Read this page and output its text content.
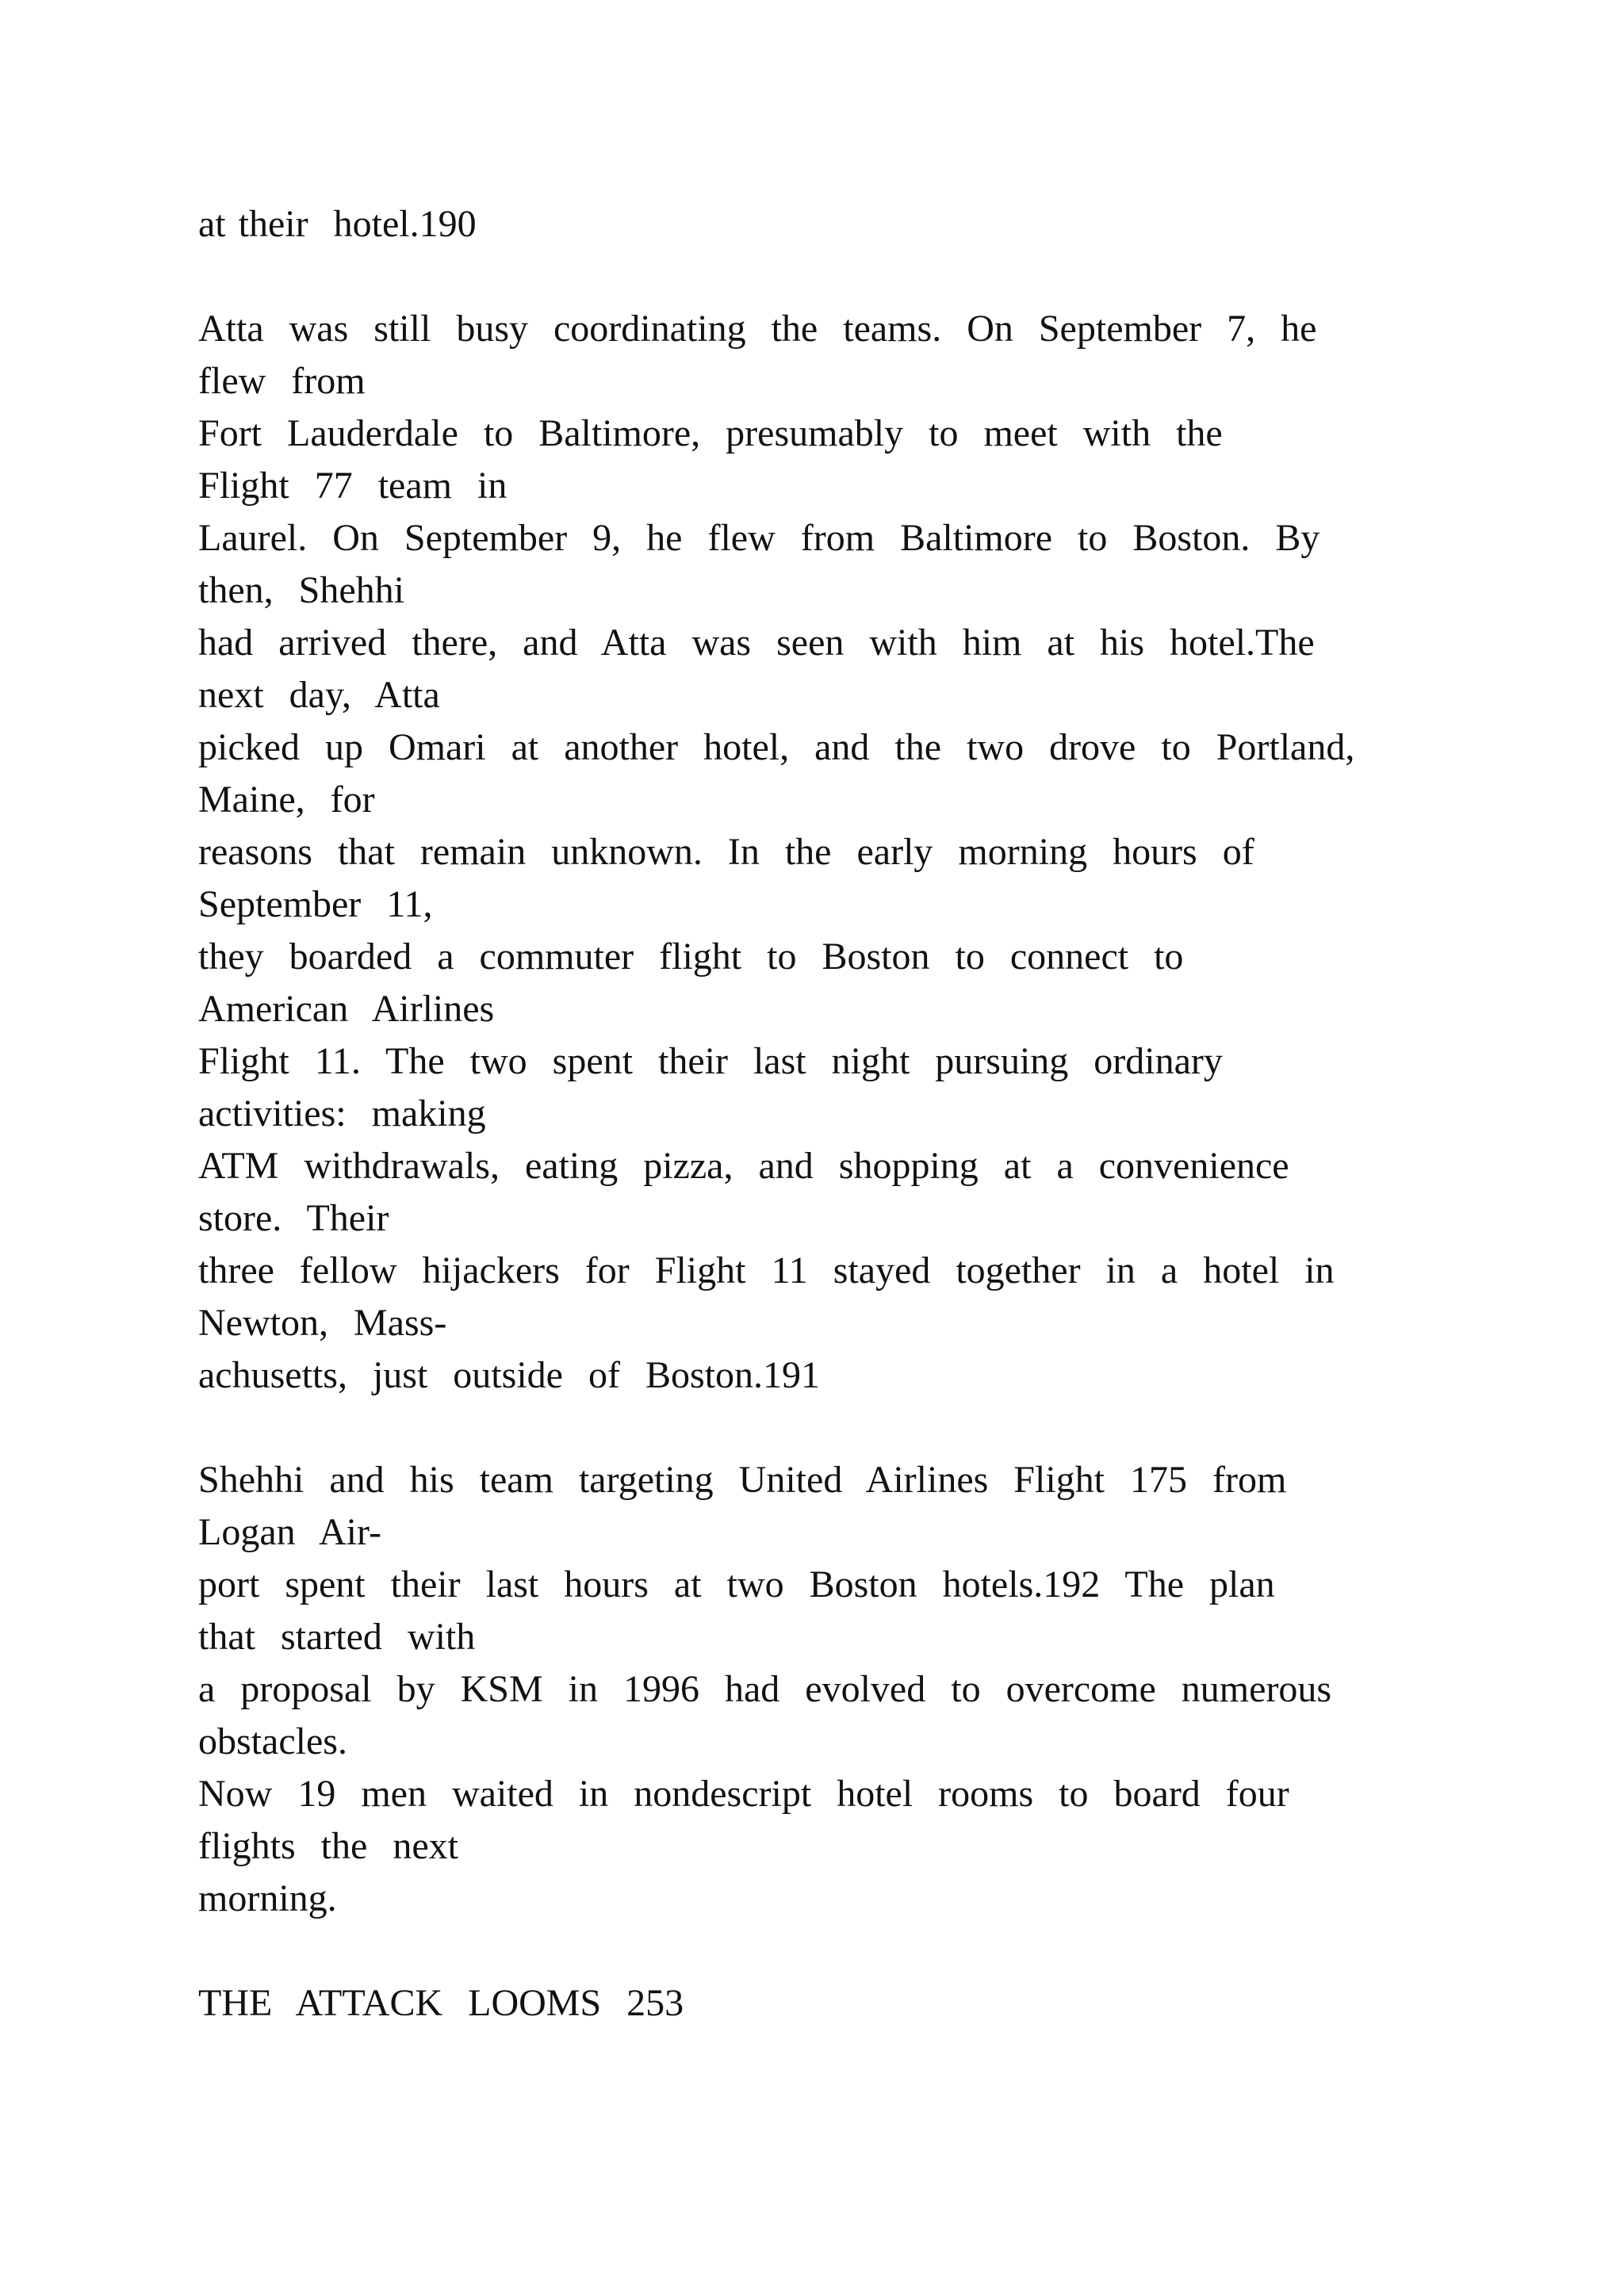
at their  hotel.190
Atta  was  still  busy  coordinating  the  teams.  On  September  7,  he
flew  from
Fort  Lauderdale  to  Baltimore,  presumably  to  meet  with  the
Flight  77  team  in
Laurel.  On  September  9,  he  flew  from  Baltimore  to  Boston.  By
then,  Shehhi
had  arrived  there,  and  Atta  was  seen  with  him  at  his  hotel.The
next  day,  Atta
picked  up  Omari  at  another  hotel,  and  the  two  drove  to  Portland,
Maine,  for
reasons  that  remain  unknown.  In  the  early  morning  hours  of
September  11,
they  boarded  a  commuter  flight  to  Boston  to  connect  to
American  Airlines
Flight  11.  The  two  spent  their  last  night  pursuing  ordinary
activities:  making
ATM  withdrawals,  eating  pizza,  and  shopping  at  a  convenience
store.  Their
three  fellow  hijackers  for  Flight  11  stayed  together  in  a  hotel  in
Newton,  Mass-
achusetts,  just  outside  of  Boston.191
Shehhi  and  his  team  targeting  United  Airlines  Flight  175  from
Logan  Air-
port  spent  their  last  hours  at  two  Boston  hotels.192  The  plan
that  started  with
a  proposal  by  KSM  in  1996  had  evolved  to  overcome  numerous
obstacles.
Now  19  men  waited  in  nondescript  hotel  rooms  to  board  four
flights  the  next
morning.
THE  ATTACK  LOOMS  253
